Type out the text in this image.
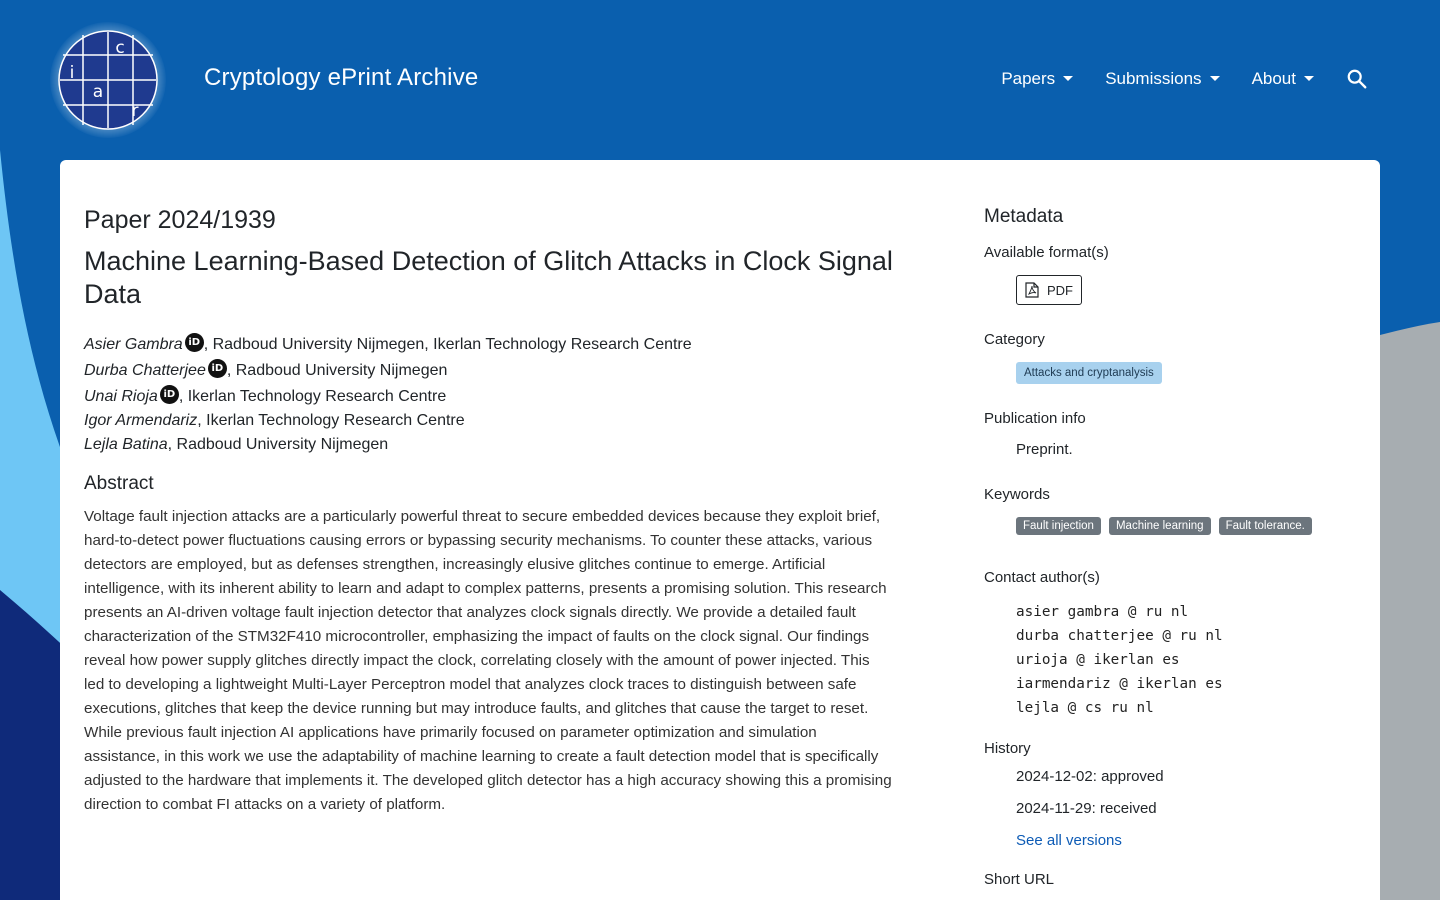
c
i
a
r
Cryptology ePrint Archive	Papers	Submissions	About
Paper 2024/1939
Machine Learning-Based Detection of Glitch Attacks in Clock Signal Data
Asier Gambra iD , Radboud University Nijmegen, Ikerlan Technology Research Centre
Durba Chatterjee iD , Radboud University Nijmegen
Unai Rioja iD , Ikerlan Technology Research Centre
Igor Armendariz , Ikerlan Technology Research Centre
Lejla Batina , Radboud University Nijmegen
Abstract

Voltage fault injection attacks are a particularly powerful threat to secure embedded devices because they exploit brief, hard-to-detect power fluctuations causing errors or bypassing security mechanisms. To counter these attacks, various detectors are employed, but as defenses strengthen, increasingly elusive glitches continue to emerge. Artificial intelligence, with its inherent ability to learn and adapt to complex patterns, presents a promising solution. This research presents an AI-driven voltage fault injection detector that analyzes clock signals directly. We provide a detailed fault characterization of the STM32F410 microcontroller, emphasizing the impact of faults on the clock signal. Our findings reveal how power supply glitches directly impact the clock, correlating closely with the amount of power injected. This led to developing a lightweight Multi-Layer Perceptron model that analyzes clock traces to distinguish between safe executions, glitches that keep the device running but may introduce faults, and glitches that cause the target to reset. While previous fault injection AI applications have primarily focused on parameter optimization and simulation assistance, in this work we use the adaptability of machine learning to create a fault detection model that is specifically adjusted to the hardware that implements it. The developed glitch detector has a high accuracy showing this a promising direction to combat FI attacks on a variety of platform.

Metadata
Available format(s)
PDF
Category
Attacks and cryptanalysis
Publication info
Preprint.
Keywords
Fault injection	Machine learning	Fault tolerance.
Contact author(s)
asier gambra @ ru nl
durba chatterjee @ ru nl
urioja @ ikerlan es
iarmendariz @ ikerlan es
lejla @ cs ru nl
History
2024-12-02: approved
2024-11-29: received
See all versions
Short URL
